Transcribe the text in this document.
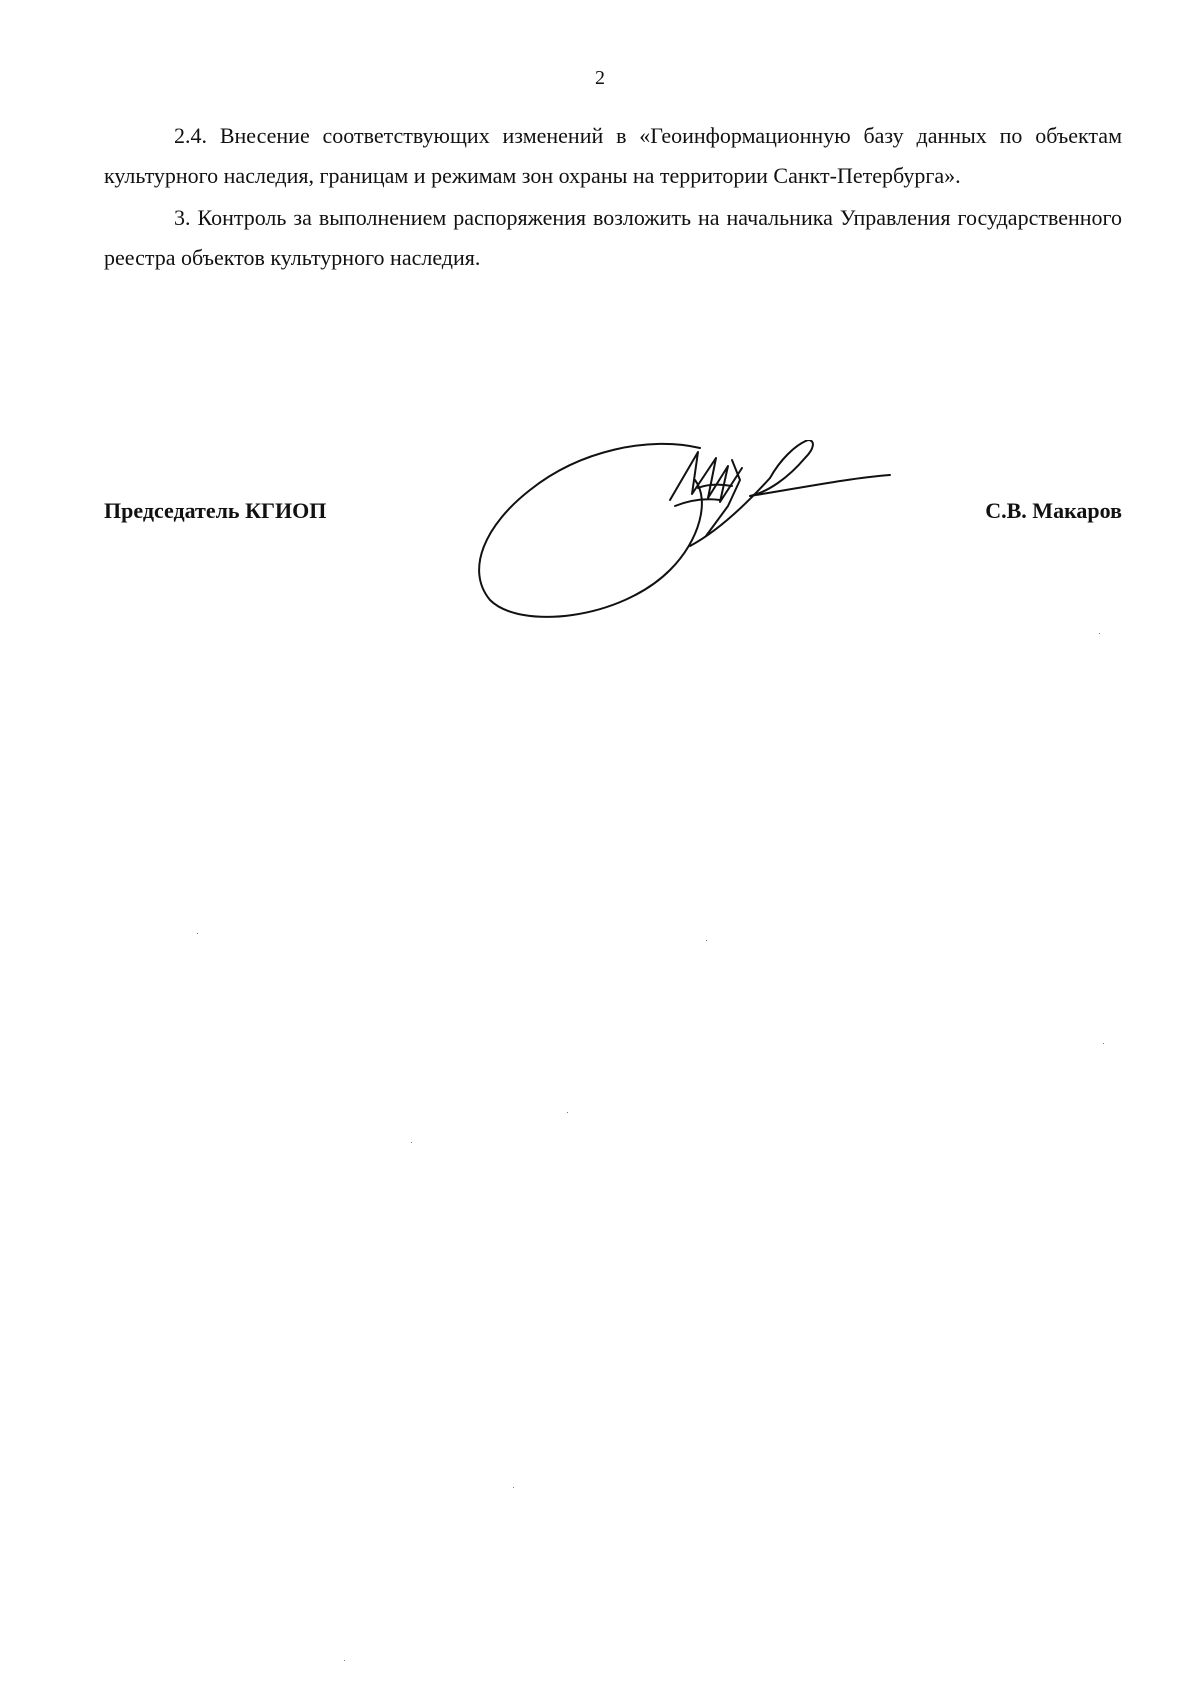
2

2.4. Внесение соответствующих изменений в «Геоинформационную базу данных по объектам культурного наследия, границам и режимам зон охраны на территории Санкт-Петербурга».

3. Контроль за выполнением распоряжения возложить на начальника Управления государственного реестра объектов культурного наследия.

Председатель КГИОП	С.В. Макаров
